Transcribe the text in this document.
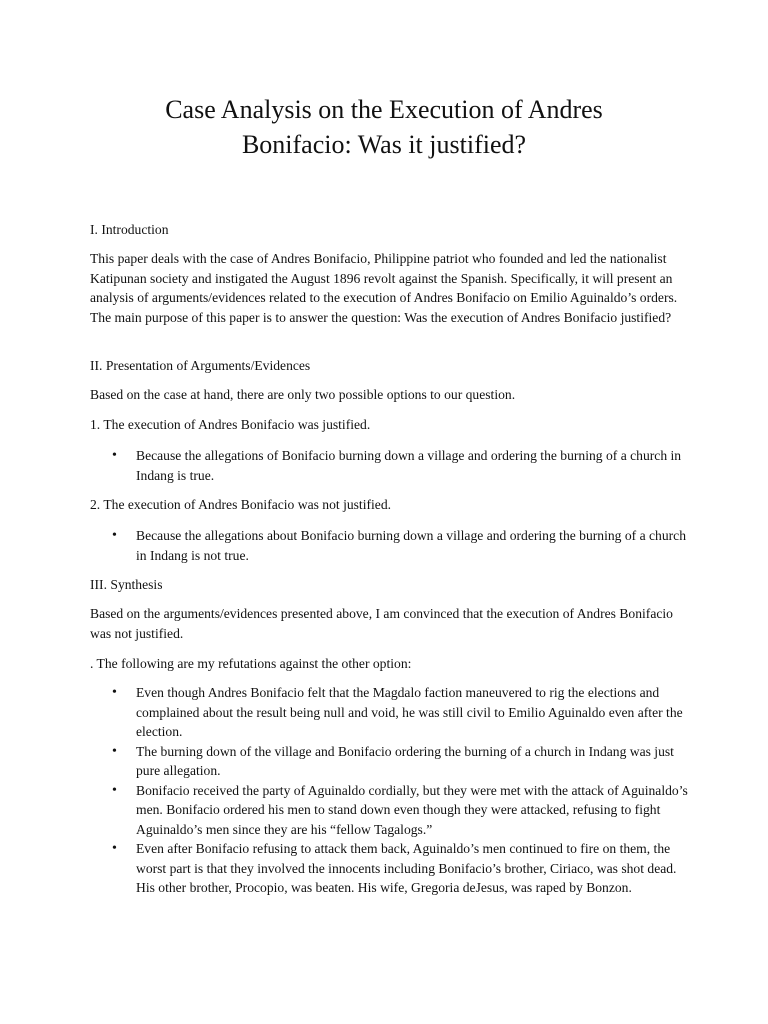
Case Analysis on the Execution of Andres
Bonifacio: Was it justified?

I. Introduction

This paper deals with the case of Andres Bonifacio, Philippine patriot who founded and led the nationalist Katipunan society and instigated the August 1896 revolt against the Spanish. Specifically, it will present an analysis of arguments/evidences related to the execution of Andres Bonifacio on Emilio Aguinaldo’s orders. The main purpose of this paper is to answer the question: Was the execution of Andres Bonifacio justified?

II. Presentation of Arguments/Evidences

Based on the case at hand, there are only two possible options to our question.

1. The execution of Andres Bonifacio was justified.

• Because the allegations of Bonifacio burning down a village and ordering the burning of a church in Indang is true.

2. The execution of Andres Bonifacio was not justified.

• Because the allegations about Bonifacio burning down a village and ordering the burning of a church in Indang is not true.

III. Synthesis

Based on the arguments/evidences presented above, I am convinced that the execution of Andres Bonifacio was not justified.

. The following are my refutations against the other option:

• Even though Andres Bonifacio felt that the Magdalo faction maneuvered to rig the elections and complained about the result being null and void, he was still civil to Emilio Aguinaldo even after the election.
• The burning down of the village and Bonifacio ordering the burning of a church in Indang was just pure allegation.
• Bonifacio received the party of Aguinaldo cordially, but they were met with the attack of Aguinaldo’s men. Bonifacio ordered his men to stand down even though they were attacked, refusing to fight Aguinaldo’s men since they are his “fellow Tagalogs.”
• Even after Bonifacio refusing to attack them back, Aguinaldo’s men continued to fire on them, the worst part is that they involved the innocents including Bonifacio’s brother, Ciriaco, was shot dead. His other brother, Procopio, was beaten. His wife, Gregoria deJesus, was raped by Bonzon.
